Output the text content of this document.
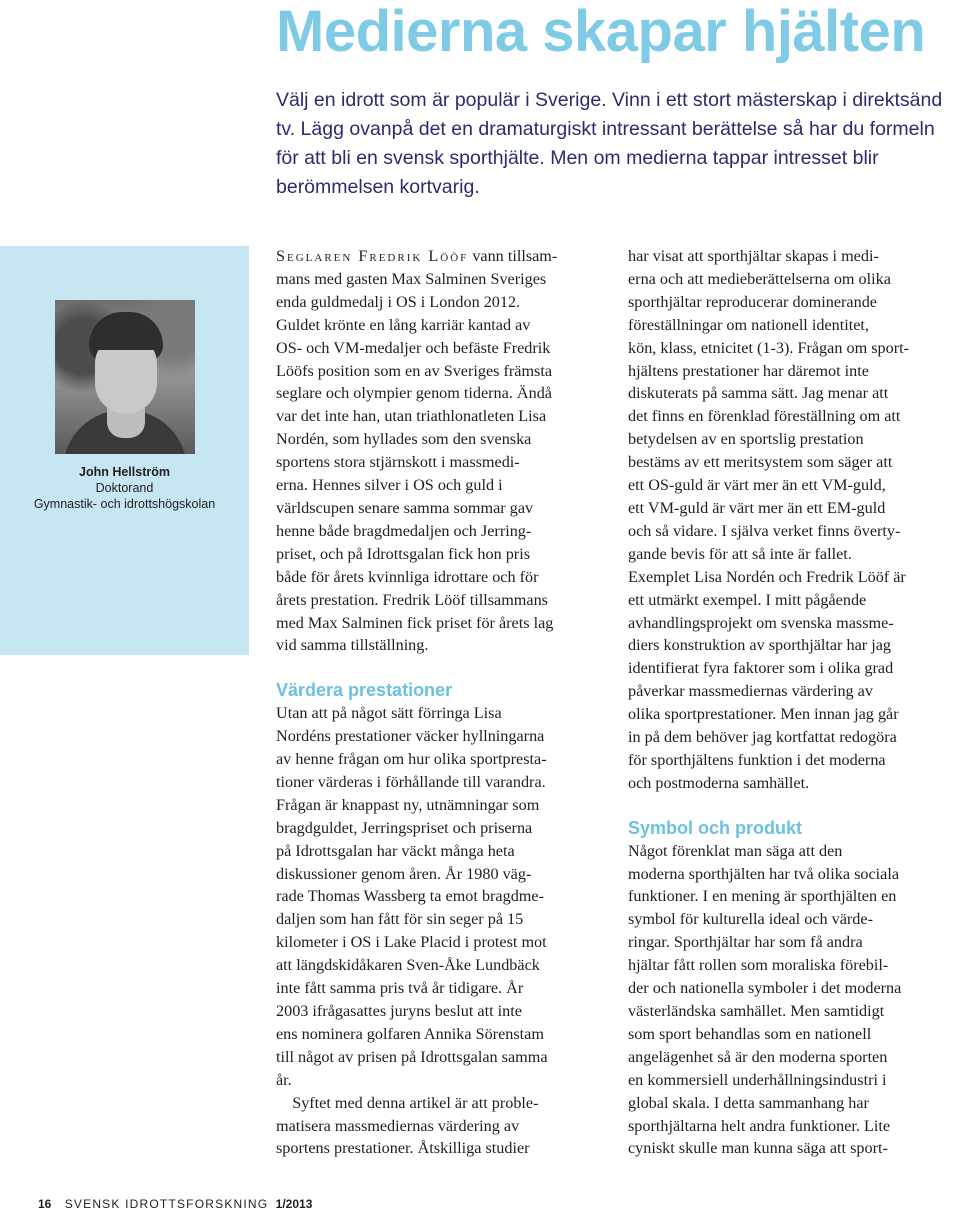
Medierna skapar hjälten
Välj en idrott som är populär i Sverige. Vinn i ett stort mästerskap i direktsänd tv. Lägg ovanpå det en dramaturgiskt intressant berättelse så har du formeln för att bli en svensk sporthjälte. Men om medierna tappar intresset blir berömmelsen kortvarig.
John Hellström
Doktorand
Gymnastik- och idrottshögskolan
Seglaren Fredrik Lööf vann tillsam-
mans med gasten Max Salminen Sveriges
enda guldmedalj i OS i London 2012.
Guldet krönte en lång karriär kantad av
OS- och VM-medaljer och befäste Fredrik
Lööfs position som en av Sveriges främsta
seglare och olympier genom tiderna. Ändå
var det inte han, utan triathlonatleten Lisa
Nordén, som hyllades som den svenska
sportens stora stjärnskott i massmedi-
erna. Hennes silver i OS och guld i
världscupen senare samma sommar gav
henne både bragdmedaljen och Jerring-
priset, och på Idrottsgalan fick hon pris
både för årets kvinnliga idrottare och för
årets prestation. Fredrik Lööf tillsammans
med Max Salminen fick priset för årets lag
vid samma tillställning.
Värdera prestationer
Utan att på något sätt förringa Lisa
Nordéns prestationer väcker hyllningarna
av henne frågan om hur olika sportpresta-
tioner värderas i förhållande till varandra.
Frågan är knappast ny, utnämningar som
bragdguldet, Jerringspriset och priserna
på Idrottsgalan har väckt många heta
diskussioner genom åren. År 1980 väg-
rade Thomas Wassberg ta emot bragdme-
daljen som han fått för sin seger på 15
kilometer i OS i Lake Placid i protest mot
att längdskidåkaren Sven-Åke Lundbäck
inte fått samma pris två år tidigare. År
2003 ifrågasattes juryns beslut att inte
ens nominera golfaren Annika Sörenstam
till något av prisen på Idrottsgalan samma
år.
Syftet med denna artikel är att proble-
matisera massmediernas värdering av
sportens prestationer. Åtskilliga studier
har visat att sporthjältar skapas i medi-
erna och att medieberättelserna om olika
sporthjältar reproducerar dominerande
föreställningar om nationell identitet,
kön, klass, etnicitet (1-3). Frågan om sport-
hjältens prestationer har däremot inte
diskuterats på samma sätt. Jag menar att
det finns en förenklad föreställning om att
betydelsen av en sportslig prestation
bestäms av ett meritsystem som säger att
ett OS-guld är värt mer än ett VM-guld,
ett VM-guld är värt mer än ett EM-guld
och så vidare. I själva verket finns överty-
gande bevis för att så inte är fallet.
Exemplet Lisa Nordén och Fredrik Lööf är
ett utmärkt exempel. I mitt pågående
avhandlingsprojekt om svenska massme-
diers konstruktion av sporthjältar har jag
identifierat fyra faktorer som i olika grad
påverkar massmediernas värdering av
olika sportprestationer. Men innan jag går
in på dem behöver jag kortfattat redogöra
för sporthjältens funktion i det moderna
och postmoderna samhället.
Symbol och produkt
Något förenklat man säga att den
moderna sporthjälten har två olika sociala
funktioner. I en mening är sporthjälten en
symbol för kulturella ideal och värde-
ringar. Sporthjältar har som få andra
hjältar fått rollen som moraliska förebil-
der och nationella symboler i det moderna
västerländska samhället. Men samtidigt
som sport behandlas som en nationell
angelägenhet så är den moderna sporten
en kommersiell underhållningsindustri i
global skala. I detta sammanhang har
sporthjältarna helt andra funktioner. Lite
cyniskt skulle man kunna säga att sport-
16 SVENSK IDROTTSFORSKNING 1/2013
